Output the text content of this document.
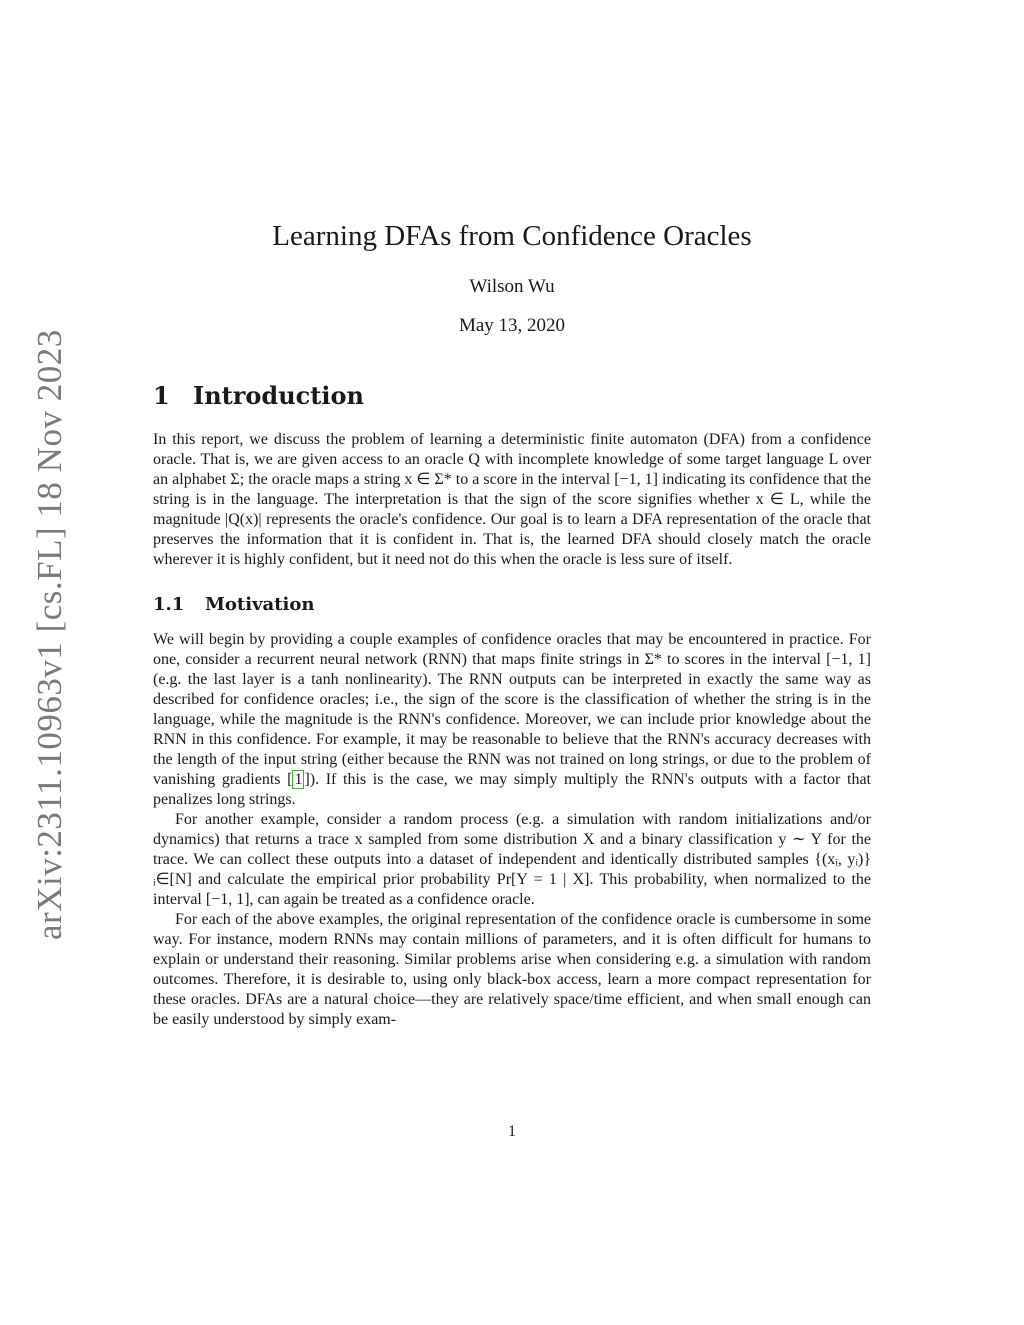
arXiv:2311.10963v1 [cs.FL] 18 Nov 2023
Learning DFAs from Confidence Oracles
Wilson Wu
May 13, 2020
1 Introduction

In this report, we discuss the problem of learning a deterministic finite automaton (DFA) from a confidence oracle. That is, we are given access to an oracle Q with incomplete knowledge of some target language L over an alphabet Σ; the oracle maps a string x ∈ Σ* to a score in the interval [−1, 1] indicating its confidence that the string is in the language. The interpretation is that the sign of the score signifies whether x ∈ L, while the magnitude |Q(x)| represents the oracle's confidence. Our goal is to learn a DFA representation of the oracle that preserves the information that it is confident in. That is, the learned DFA should closely match the oracle wherever it is highly confident, but it need not do this when the oracle is less sure of itself.

1.1 Motivation

We will begin by providing a couple examples of confidence oracles that may be encountered in practice. For one, consider a recurrent neural network (RNN) that maps finite strings in Σ* to scores in the interval [−1, 1] (e.g. the last layer is a tanh nonlinearity). The RNN outputs can be interpreted in exactly the same way as described for confidence oracles; i.e., the sign of the score is the classification of whether the string is in the language, while the magnitude is the RNN's confidence. Moreover, we can include prior knowledge about the RNN in this confidence. For example, it may be reasonable to believe that the RNN's accuracy decreases with the length of the input string (either because the RNN was not trained on long strings, or due to the problem of vanishing gradients [ 1 ]). If this is the case, we may simply multiply the RNN's outputs with a factor that penalizes long strings.

For another example, consider a random process (e.g. a simulation with random initializations and/or dynamics) that returns a trace x sampled from some distribution X and a binary classification y ∼ Y for the trace. We can collect these outputs into a dataset of independent and identically distributed samples {(xᵢ, yᵢ)}ᵢ∈[N] and calculate the empirical prior probability Pr[Y = 1 | X]. This probability, when normalized to the interval [−1, 1], can again be treated as a confidence oracle.

For each of the above examples, the original representation of the confidence oracle is cumbersome in some way. For instance, modern RNNs may contain millions of parameters, and it is often difficult for humans to explain or understand their reasoning. Similar problems arise when considering e.g. a simulation with random outcomes. Therefore, it is desirable to, using only black-box access, learn a more compact representation for these oracles. DFAs are a natural choice—they are relatively space/time efficient, and when small enough can be easily understood by simply exam-

1
